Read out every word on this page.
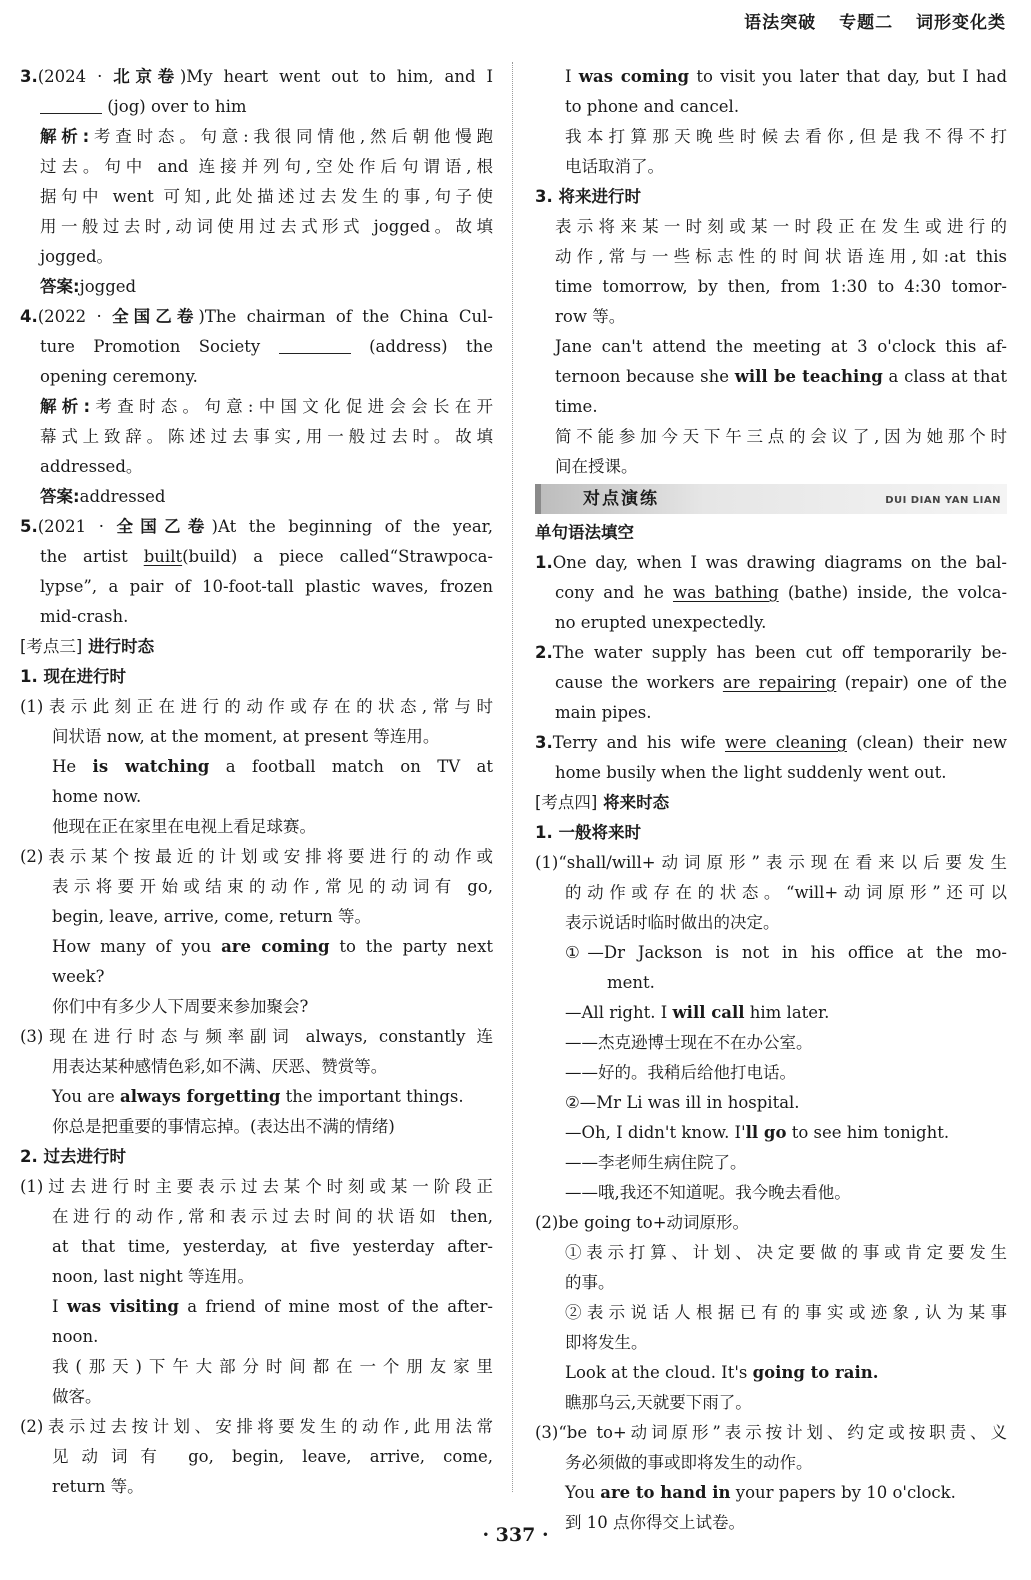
语法突破 专题二 词形变化类
3.(2024 · 北京卷)My heart went out to him, and I
(jog) over to him
解析:考查时态。句意:我很同情他,然后朝他慢跑
过去。句中 and 连接并列句,空处作后句谓语,根
据句中 went 可知,此处描述过去发生的事,句子使
用一般过去时,动词使用过去式形式 jogged。故填
jogged。
答案:jogged
4.(2022 · 全国乙卷)The chairman of the China Cul-
ture Promotion Society	(address) the
opening ceremony.
解析:考查时态。句意:中国文化促进会会长在开
幕式上致辞。陈述过去事实,用一般过去时。故填
addressed。
答案:addressed
5.(2021 · 全国乙卷)At the beginning of the year,
the artist built(build) a piece called“Strawpoca-
lypse”, a pair of 10-foot-tall plastic waves, frozen
mid-crash.
[考点三] 进行时态
1. 现在进行时
(1)表示此刻正在进行的动作或存在的状态,常与时
间状语 now, at the moment, at present 等连用。
He is watching a football match on TV at
home now.
他现在正在家里在电视上看足球赛。
(2)表示某个按最近的计划或安排将要进行的动作或
表示将要开始或结束的动作,常见的动词有 go,
begin, leave, arrive, come, return 等。
How many of you are coming to the party next
week?
你们中有多少人下周要来参加聚会?
(3)现在进行时态与频率副词 always, constantly 连
用表达某种感情色彩,如不满、厌恶、赞赏等。
You are always forgetting the important things.
你总是把重要的事情忘掉。(表达出不满的情绪)
2. 过去进行时
(1)过去进行时主要表示过去某个时刻或某一阶段正
在进行的动作,常和表示过去时间的状语如 then,
at that time, yesterday, at five yesterday after-
noon, last night 等连用。
I was visiting a friend of mine most of the after-
noon.
我(那天)下午大部分时间都在一个朋友家里
做客。
(2)表示过去按计划、安排将要发生的动作,此用法常
见动词有 go, begin, leave, arrive, come,
return 等。
I was coming to visit you later that day, but I had
to phone and cancel.
我本打算那天晚些时候去看你,但是我不得不打
电话取消了。
3. 将来进行时
表示将来某一时刻或某一时段正在发生或进行的
动作,常与一些标志性的时间状语连用,如:at this
time tomorrow, by then, from 1:30 to 4:30 tomor-
row 等。
Jane can't attend the meeting at 3 o'clock this af-
ternoon because she will be teaching a class at that
time.
简不能参加今天下午三点的会议了,因为她那个时
间在授课。
对点演练	DUI DIAN YAN LIAN
单句语法填空
1.One day, when I was drawing diagrams on the bal-
cony and he was bathing (bathe) inside, the volca-
no erupted unexpectedly.
2.The water supply has been cut off temporarily be-
cause the workers are repairing (repair) one of the
main pipes.
3.Terry and his wife were cleaning (clean) their new
home busily when the light suddenly went out.
[考点四] 将来时态
1. 一般将来时
(1)“shall/will+动词原形”表示现在看来以后要发生
的动作或存在的状态。“will+动词原形”还可以
表示说话时临时做出的决定。
①—Dr Jackson is not in his office at the mo-
ment.
—All right. I will call him later.
——杰克逊博士现在不在办公室。
——好的。我稍后给他打电话。
②—Mr Li was ill in hospital.
—Oh, I didn't know. I'll go to see him tonight.
——李老师生病住院了。
——哦,我还不知道呢。我今晚去看他。
(2)be going to+动词原形。
①表示打算、计划、决定要做的事或肯定要发生
的事。
②表示说话人根据已有的事实或迹象,认为某事
即将发生。
Look at the cloud. It's going to rain.
瞧那乌云,天就要下雨了。
(3)“be to+动词原形”表示按计划、约定或按职责、义
务必须做的事或即将发生的动作。
You are to hand in your papers by 10 o'clock.
到 10 点你得交上试卷。
· 337 ·
